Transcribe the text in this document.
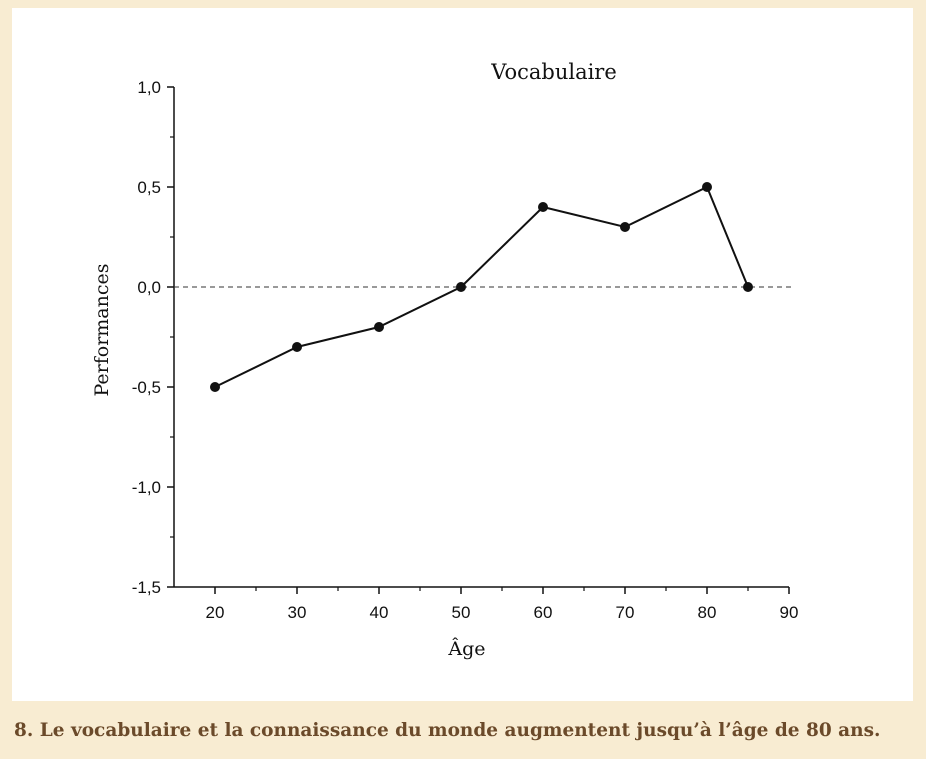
Vocabulaire
1,0
0,5
0,0
-0,5
-1,0
-1,5
20	30	40	50	60	70	80	90
Âge
Performances
8. Le vocabulaire et la connaissance du monde augmentent jusqu’à l’âge de 80 ans.
